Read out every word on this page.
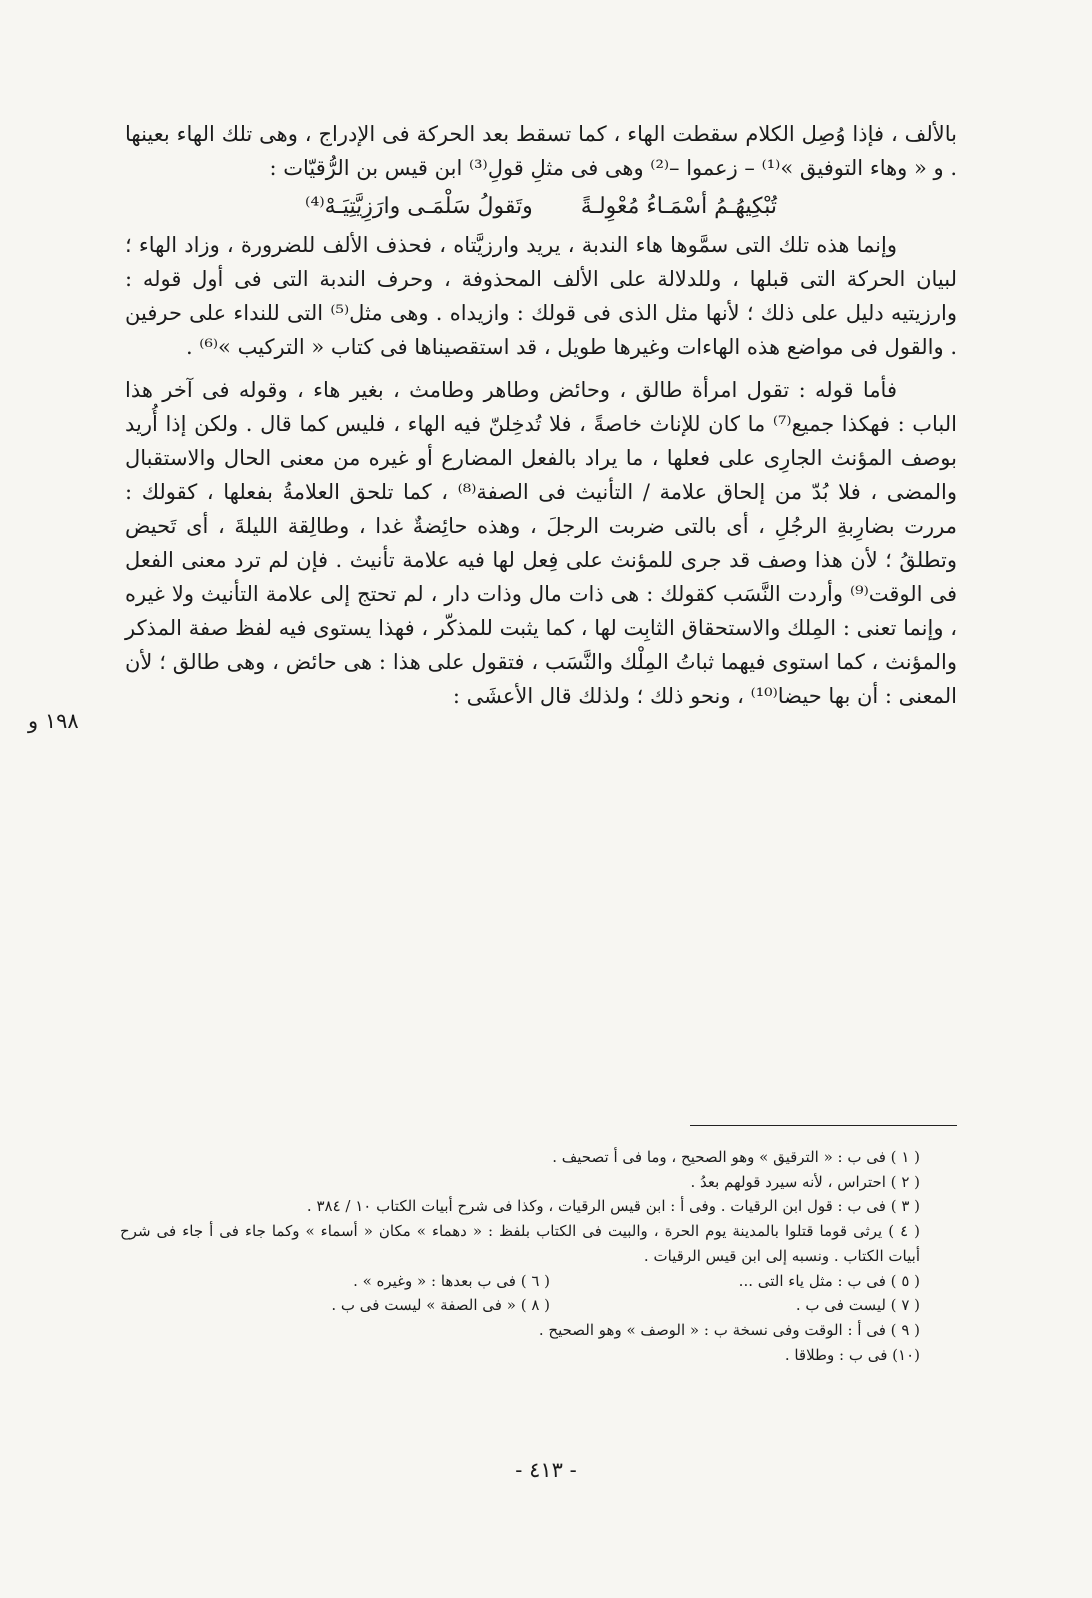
بالألف ، فإذا وُصِل الكلام سقطت الهاء ، كما تسقط بعد الحركة فى الإدراج ، وهى تلك الهاء بعينها . و « وهاء التوفيق »⁽¹⁾ – زعموا –⁽²⁾ وهى فى مثلِ قولِ⁽³⁾ ابن قيس بن الرُّقيّات :

تُبْكِيهُـمُ أسْمَـاءُ مُعْوِلـةً
وتَقولُ سَلْمَـى وارَزِيَّتِيَـهْ⁽⁴⁾

وإنما هذه تلك التى سمَّوها هاء الندبة ، يريد وارزيَّتاه ، فحذف الألف للضرورة ، وزاد الهاء ؛ لبيان الحركة التى قبلها ، وللدلالة على الألف المحذوفة ، وحرف الندبة التى فى أول قوله : وارزيتيه دليل على ذلك ؛ لأنها مثل الذى فى قولك : وازيداه . وهى مثل⁽⁵⁾ التى للنداء على حرفين . والقول فى مواضع هذه الهاءات وغيرها طويل ، قد استقصيناها فى كتاب « التركيب »⁽⁶⁾ .

فأما قوله : تقول امرأة طالق ، وحائض وطاهر وطامث ، بغير هاء ، وقوله فى آخر هذا الباب : فهكذا جميع⁽⁷⁾ ما كان للإناث خاصةً ، فلا تُدخِلنّ فيه الهاء ، فليس كما قال . ولكن إذا أُريد بوصف المؤنث الجارِى على فعلها ، ما يراد بالفعل المضارع أو غيره من معنى الحال والاستقبال والمضى ، فلا بُدّ من إلحاق علامة / التأنيث فى الصفة⁽⁸⁾ ، كما تلحق العلامةُ بفعلها ، كقولك : مررت بضارِبةِ الرجُلِ ، أى بالتى ضربت الرجلَ ، وهذه حائِضةٌ غدا ، وطالِقة الليلةَ ، أى تَحيض وتطلقُ ؛ لأن هذا وصف قد جرى للمؤنث على فِعل لها فيه علامة تأنيث . فإن لم ترد معنى الفعل فى الوقت⁽⁹⁾ وأردت النَّسَب كقولك : هى ذات مال وذات دار ، لم تحتج إلى علامة التأنيث ولا غيره ، وإنما تعنى : المِلك والاستحقاق الثابِت لها ، كما يثبت للمذكّر ، فهذا يستوى فيه لفظ صفة المذكر والمؤنث ، كما استوى فيهما ثباتُ المِلْك والنَّسَب ، فتقول على هذا : هى حائض ، وهى طالق ؛ لأن المعنى : أن بها حيضا⁽¹⁰⁾ ، ونحو ذلك ؛ ولذلك قال الأعشَى :

١٩٨ و

( ١ ) فى ب : « الترقيق » وهو الصحيح ، وما فى أ تصحيف .

( ٢ ) احتراس ، لأنه سيرد قولهم بعدُ .

( ٣ ) فى ب : قول ابن الرقيات . وفى أ : ابن قيس الرقيات ، وكذا فى شرح أبيات الكتاب ١٠ / ٣٨٤ .

( ٤ ) يرثى قوما قتلوا بالمدينة يوم الحرة ، والبيت فى الكتاب بلفظ : « دهماء » مكان « أسماء » وكما جاء فى أ جاء فى شرح أبيات الكتاب . ونسبه إلى ابن قيس الرقيات .

( ٥ ) فى ب : مثل ياء التى ...

( ٦ ) فى ب بعدها : « وغيره » .

( ٧ ) ليست فى ب .

( ٨ ) « فى الصفة » ليست فى ب .

( ٩ ) فى أ : الوقت وفى نسخة ب : « الوصف » وهو الصحيح .

(١٠) فى ب : وطلاقا .

- ٤١٣ -
